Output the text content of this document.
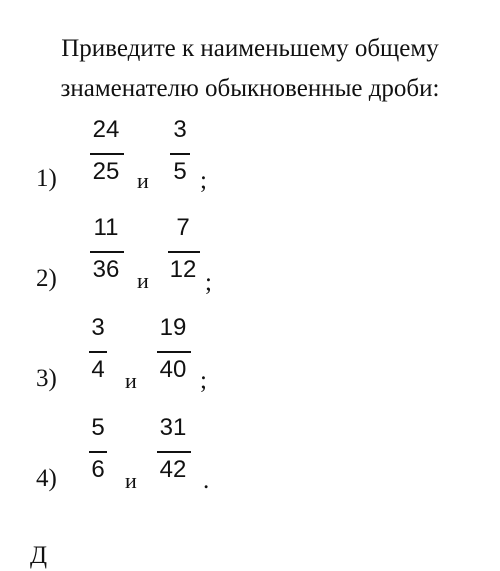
Приведите к наименьшему общему
знаменателю обыкновенные дроби:
1)
24
25 и
3
5 ;
2)
11
36 и
7
12 ;
3)
3
4 и
19
40 ;
4)
5
6 и
31
42 .
Д
